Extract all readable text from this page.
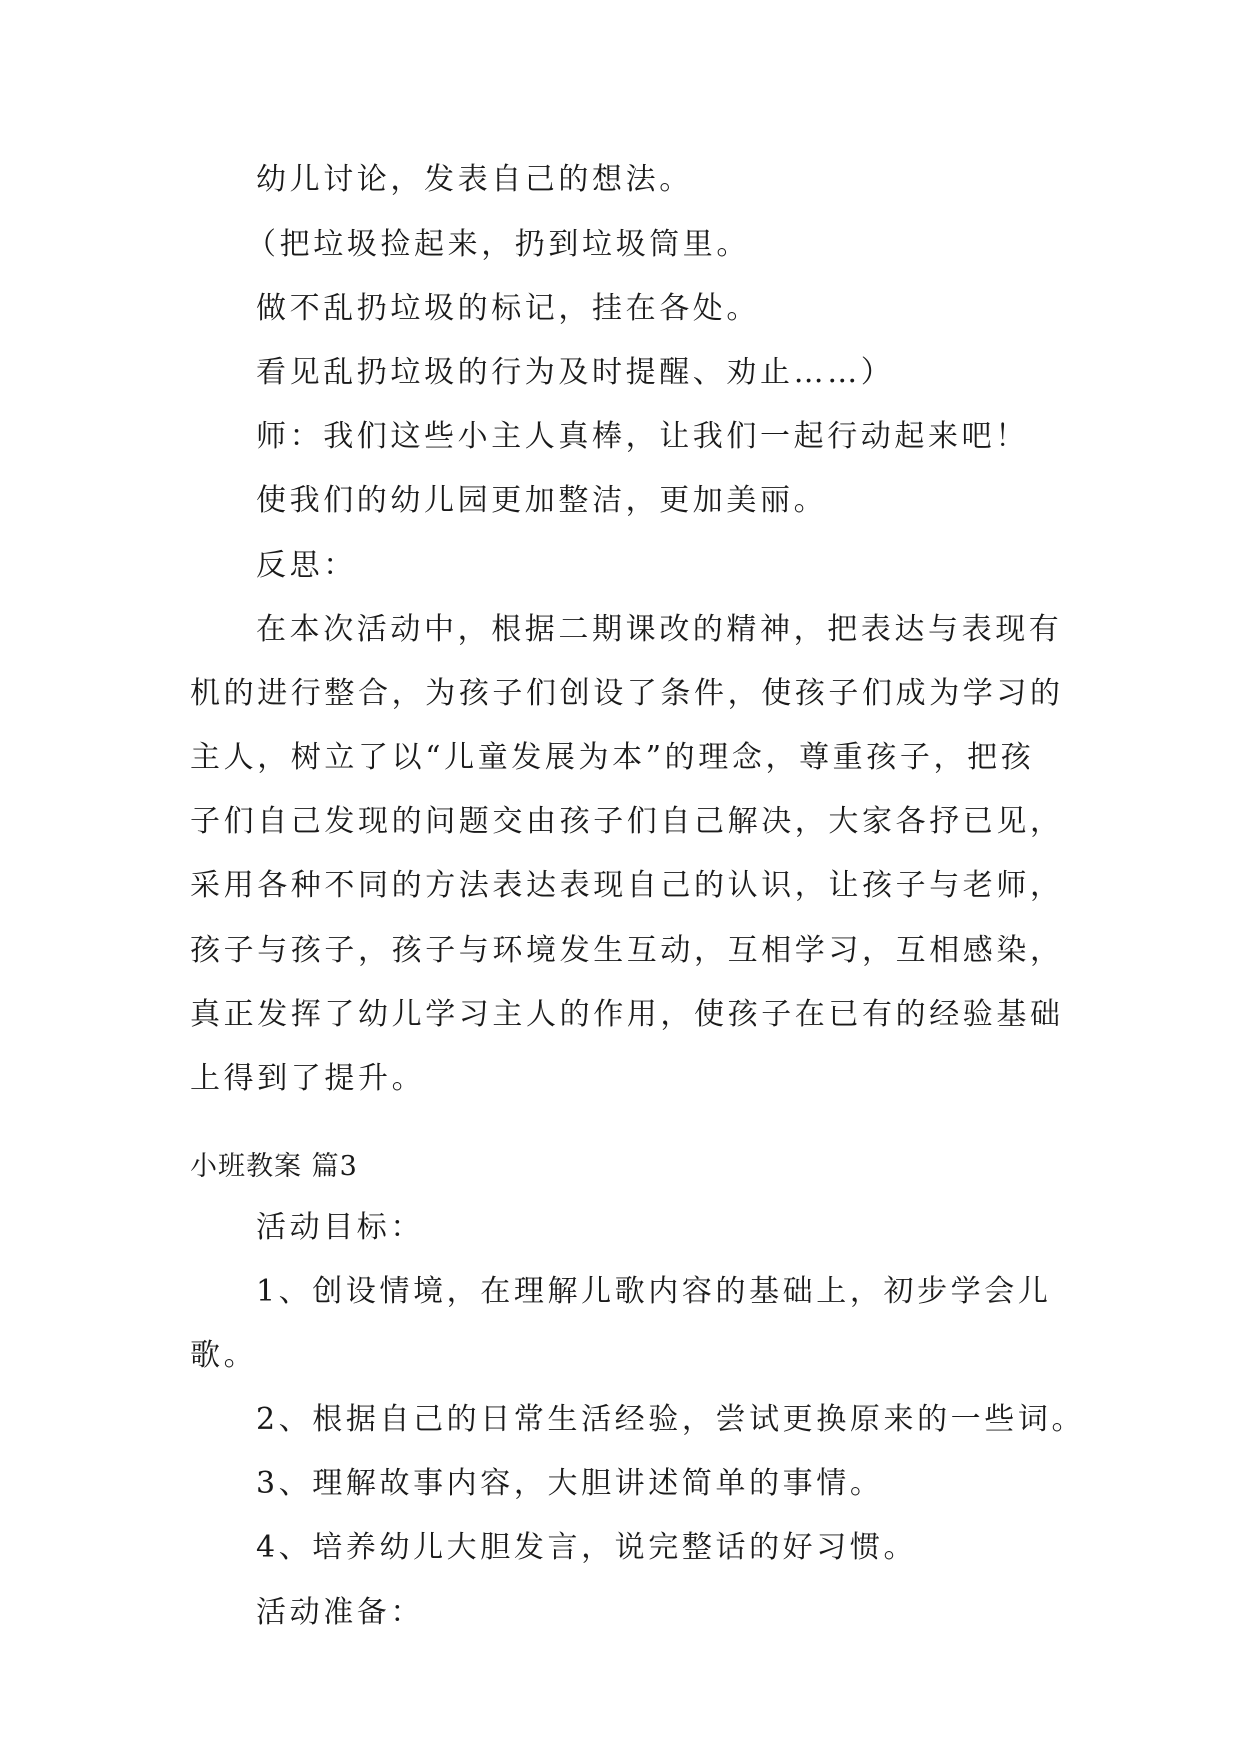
幼儿讨论，发表自己的想法。
（把垃圾捡起来，扔到垃圾筒里。
做不乱扔垃圾的标记，挂在各处。
看见乱扔垃圾的行为及时提醒、劝止……）
师：我们这些小主人真棒，让我们一起行动起来吧！
使我们的幼儿园更加整洁，更加美丽。
反思：
在本次活动中，根据二期课改的精神，把表达与表现有
机的进行整合，为孩子们创设了条件，使孩子们成为学习的
主人，树立了以“儿童发展为本”的理念，尊重孩子，把孩
子们自己发现的问题交由孩子们自己解决，大家各抒已见，
采用各种不同的方法表达表现自己的认识，让孩子与老师，
孩子与孩子，孩子与环境发生互动，互相学习，互相感染，
真正发挥了幼儿学习主人的作用，使孩子在已有的经验基础
上得到了提升。
小班教案 篇3
活动目标：
1、创设情境，在理解儿歌内容的基础上，初步学会儿
歌。
2、根据自己的日常生活经验，尝试更换原来的一些词。
3、理解故事内容，大胆讲述简单的事情。
4、培养幼儿大胆发言，说完整话的好习惯。
活动准备：
